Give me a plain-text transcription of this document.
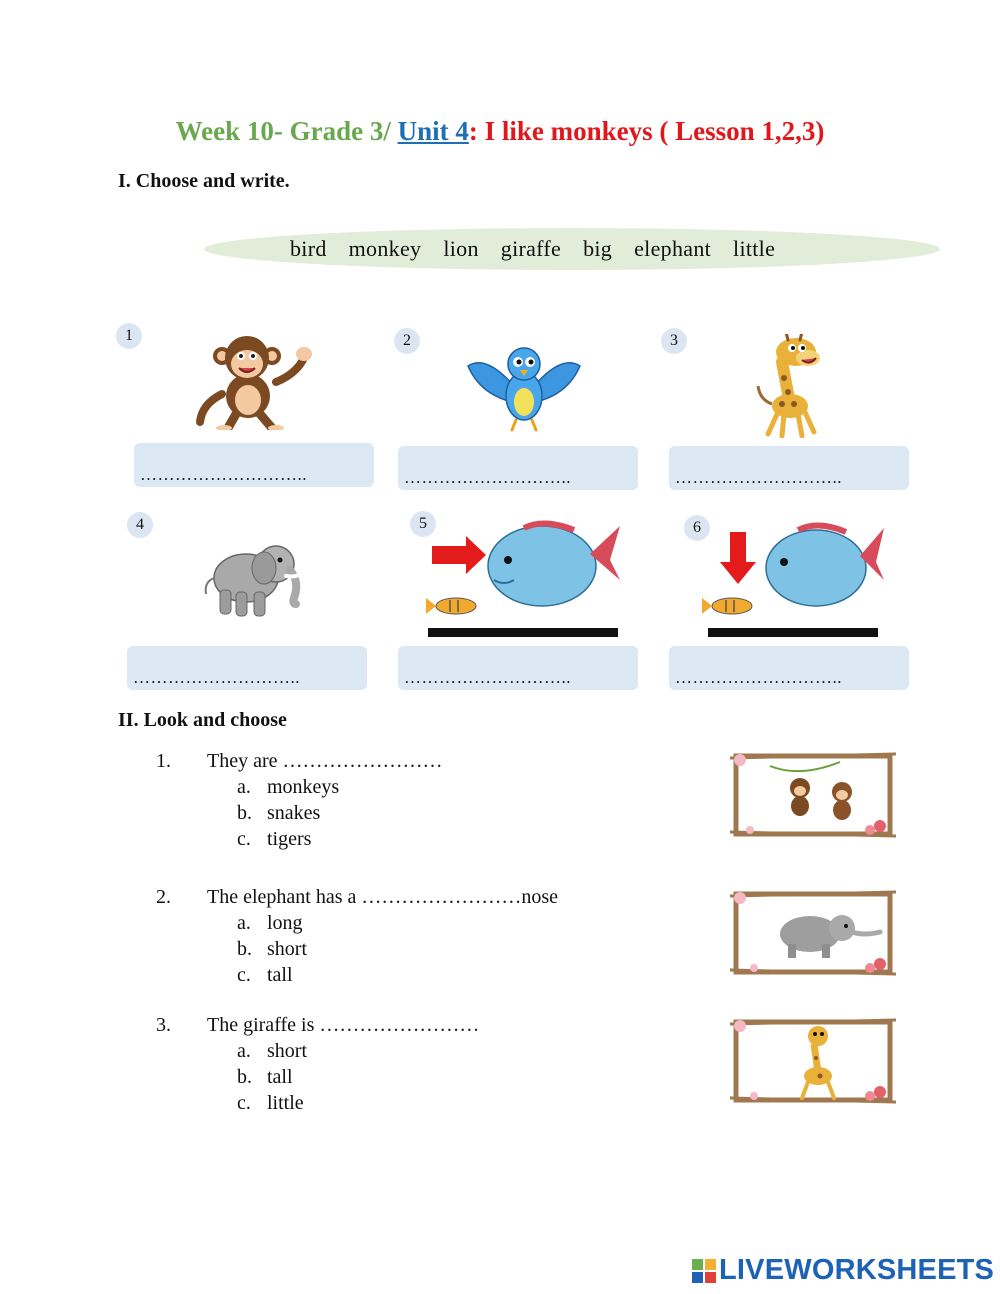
Week 10- Grade 3/ Unit 4: I like monkeys ( Lesson 1,2,3)
I. Choose and write.
bird monkey lion giraffe big elephant little
1
………………………..
2
………………………..
3
………………………..
4
………………………..
5
………………………..
6
………………………..
II. Look and choose
1. They are ……………………
a. monkeys
b. snakes
c. tigers
2. The elephant has a ……………………nose
a. long
b. short
c. tall
3. The giraffe is ……………………
a. short
b. tall
c. little
LIVEWORKSHEETS
